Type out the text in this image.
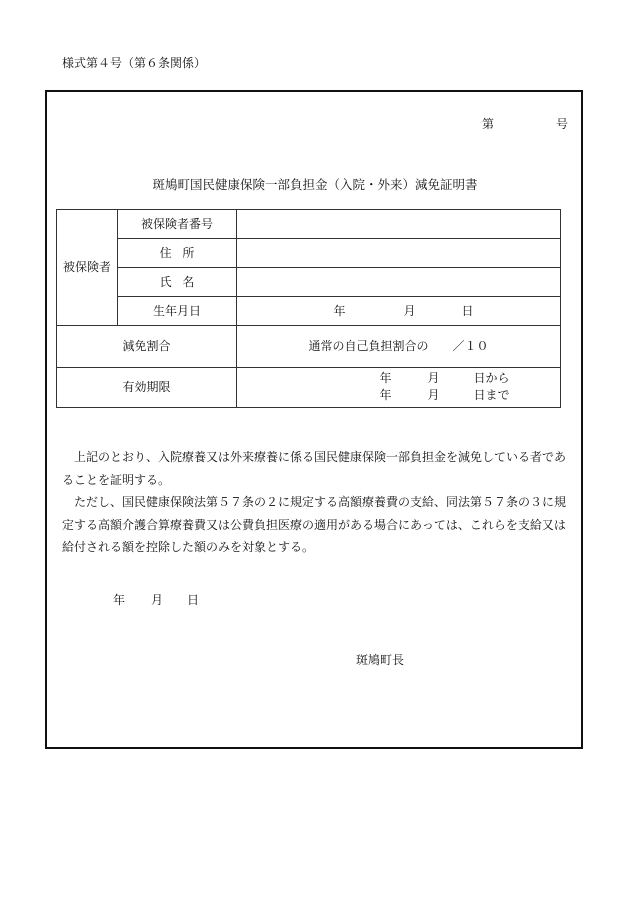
様式第４号（第６条関係）
第	号
斑鳩町国民健康保険一部負担金（入院・外来）減免証明書
被保険者	被保険者番号	
	住所	
	氏名	
	生年月日	年 月 日
減免割合		通常の自己負担割合の ／１０
有効期限		年 月 日から
年 月 日まで

上記のとおり、入院療養又は外来療養に係る国民健康保険一部負担金を減免している者であることを証明する。

ただし、国民健康保険法第５７条の２に規定する高額療養費の支給、同法第５７条の３に規定する高額介護合算療養費又は公費負担医療の適用がある場合にあっては、これらを支給又は給付される額を控除した額のみを対象とする。

年 月 日
斑鳩町長
